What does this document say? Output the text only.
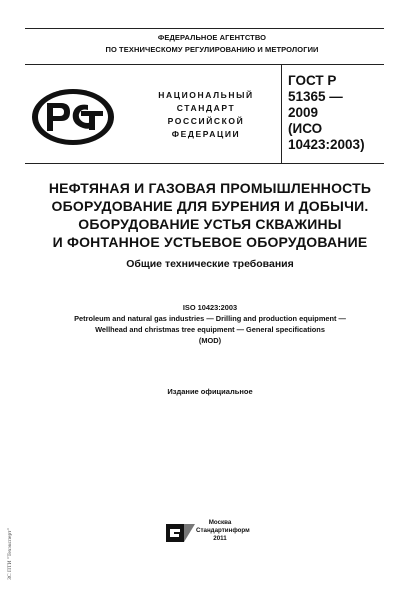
ФЕДЕРАЛЬНОЕ АГЕНТСТВО
ПО ТЕХНИЧЕСКОМУ РЕГУЛИРОВАНИЮ И МЕТРОЛОГИИ
НАЦИОНАЛЬНЫЙ
СТАНДАРТ
РОССИЙСКОЙ
ФЕДЕРАЦИИ
ГОСТ Р
51365 —
2009
(ИСО
10423:2003)
НЕФТЯНАЯ И ГАЗОВАЯ ПРОМЫШЛЕННОСТЬ
ОБОРУДОВАНИЕ ДЛЯ БУРЕНИЯ И ДОБЫЧИ.
ОБОРУДОВАНИЕ УСТЬЯ СКВАЖИНЫ
И ФОНТАННОЕ УСТЬЕВОЕ ОБОРУДОВАНИЕ
Общие технические требования
ISO 10423:2003
Petroleum and natural gas industries — Drilling and production equipment —
Wellhead and christmas tree equipment — General specifications
(MOD)
Издание официальное
Москва
Стандартинформ
2011
ЗС ПТИ "Техэксперт"
